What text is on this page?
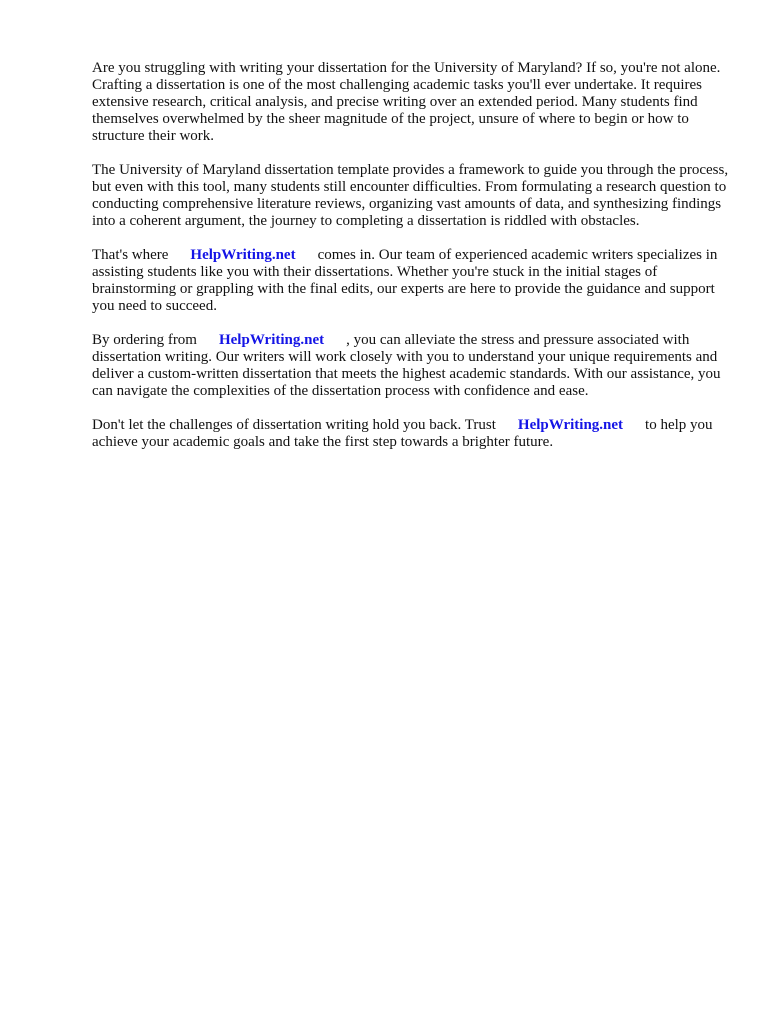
Are you struggling with writing your dissertation for the University of Maryland? If so, you're not alone. Crafting a dissertation is one of the most challenging academic tasks you'll ever undertake. It requires extensive research, critical analysis, and precise writing over an extended period. Many students find themselves overwhelmed by the sheer magnitude of the project, unsure of where to begin or how to structure their work.

The University of Maryland dissertation template provides a framework to guide you through the process, but even with this tool, many students still encounter difficulties. From formulating a research question to conducting comprehensive literature reviews, organizing vast amounts of data, and synthesizing findings into a coherent argument, the journey to completing a dissertation is riddled with obstacles.

That's where HelpWriting.net comes in. Our team of experienced academic writers specializes in assisting students like you with their dissertations. Whether you're stuck in the initial stages of brainstorming or grappling with the final edits, our experts are here to provide the guidance and support you need to succeed.

By ordering from HelpWriting.net , you can alleviate the stress and pressure associated with dissertation writing. Our writers will work closely with you to understand your unique requirements and deliver a custom-written dissertation that meets the highest academic standards. With our assistance, you can navigate the complexities of the dissertation process with confidence and ease.

Don't let the challenges of dissertation writing hold you back. Trust HelpWriting.net to help you achieve your academic goals and take the first step towards a brighter future.
